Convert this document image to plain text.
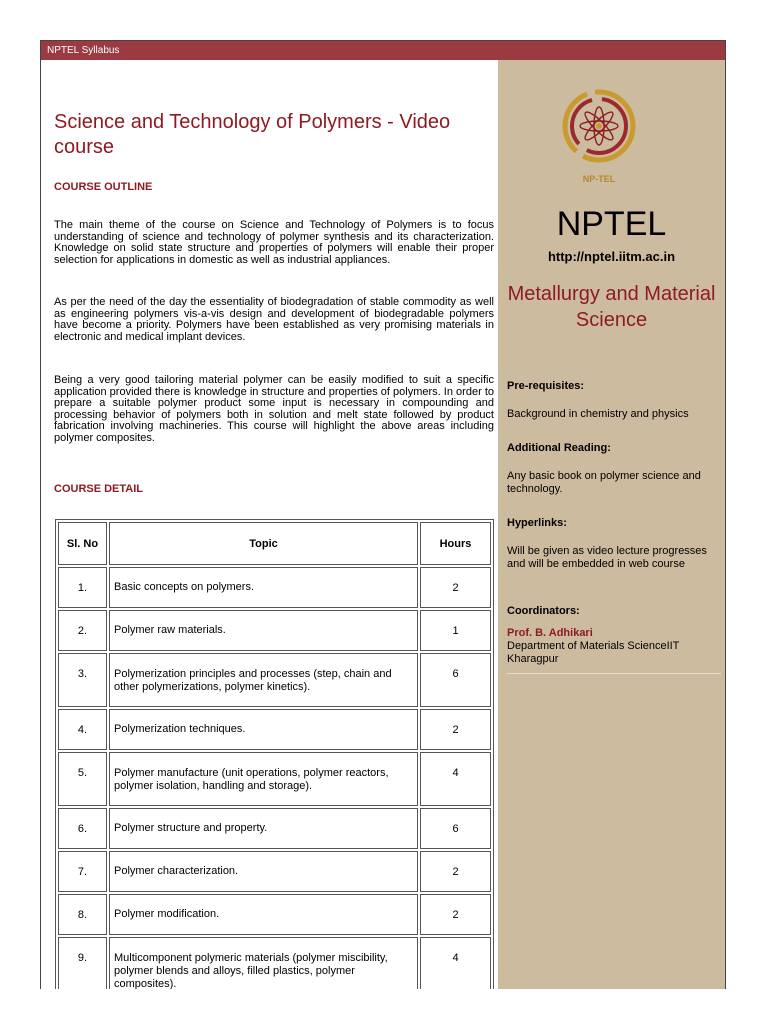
NPTEL Syllabus
Science and Technology of Polymers - Video course

COURSE OUTLINE

The main theme of the course on Science and Technology of Polymers is to focus understanding of science and technology of polymer synthesis and its characterization. Knowledge on solid state structure and properties of polymers will enable their proper selection for applications in domestic as well as industrial appliances.

As per the need of the day the essentiality of biodegradation of stable commodity as well as engineering polymers vis-a-vis design and development of biodegradable polymers have become a priority. Polymers have been established as very promising materials in electronic and medical implant devices.

Being a very good tailoring material polymer can be easily modified to suit a specific application provided there is knowledge in structure and properties of polymers. In order to prepare a suitable polymer product some input is necessary in compounding and processing behavior of polymers both in solution and melt state followed by product fabrication involving machineries. This course will highlight the above areas including polymer composites.

COURSE DETAIL

Sl. No	Topic	Hours
1.	Basic concepts on polymers.	2
2.	Polymer raw materials.	1
3.	Polymerization principles and processes (step, chain and other polymerizations, polymer kinetics).	6
4.	Polymerization techniques.	2
5.	Polymer manufacture (unit operations, polymer reactors, polymer isolation, handling and storage).	4
6.	Polymer structure and property.	6
7.	Polymer characterization.	2
8.	Polymer modification.	2
9.	Multicomponent polymeric materials (polymer miscibility, polymer blends and alloys, filled plastics, polymer composites).	4
NP-TEL
NPTEL
http://nptel.iitm.ac.in
Metallurgy and Material Science
Pre-requisites:
Background in chemistry and physics
Additional Reading:
Any basic book on polymer science and technology.
Hyperlinks:
Will be given as video lecture progresses and will be embedded in web course
Coordinators:
Prof. B. Adhikari
Department of Materials ScienceIIT Kharagpur
